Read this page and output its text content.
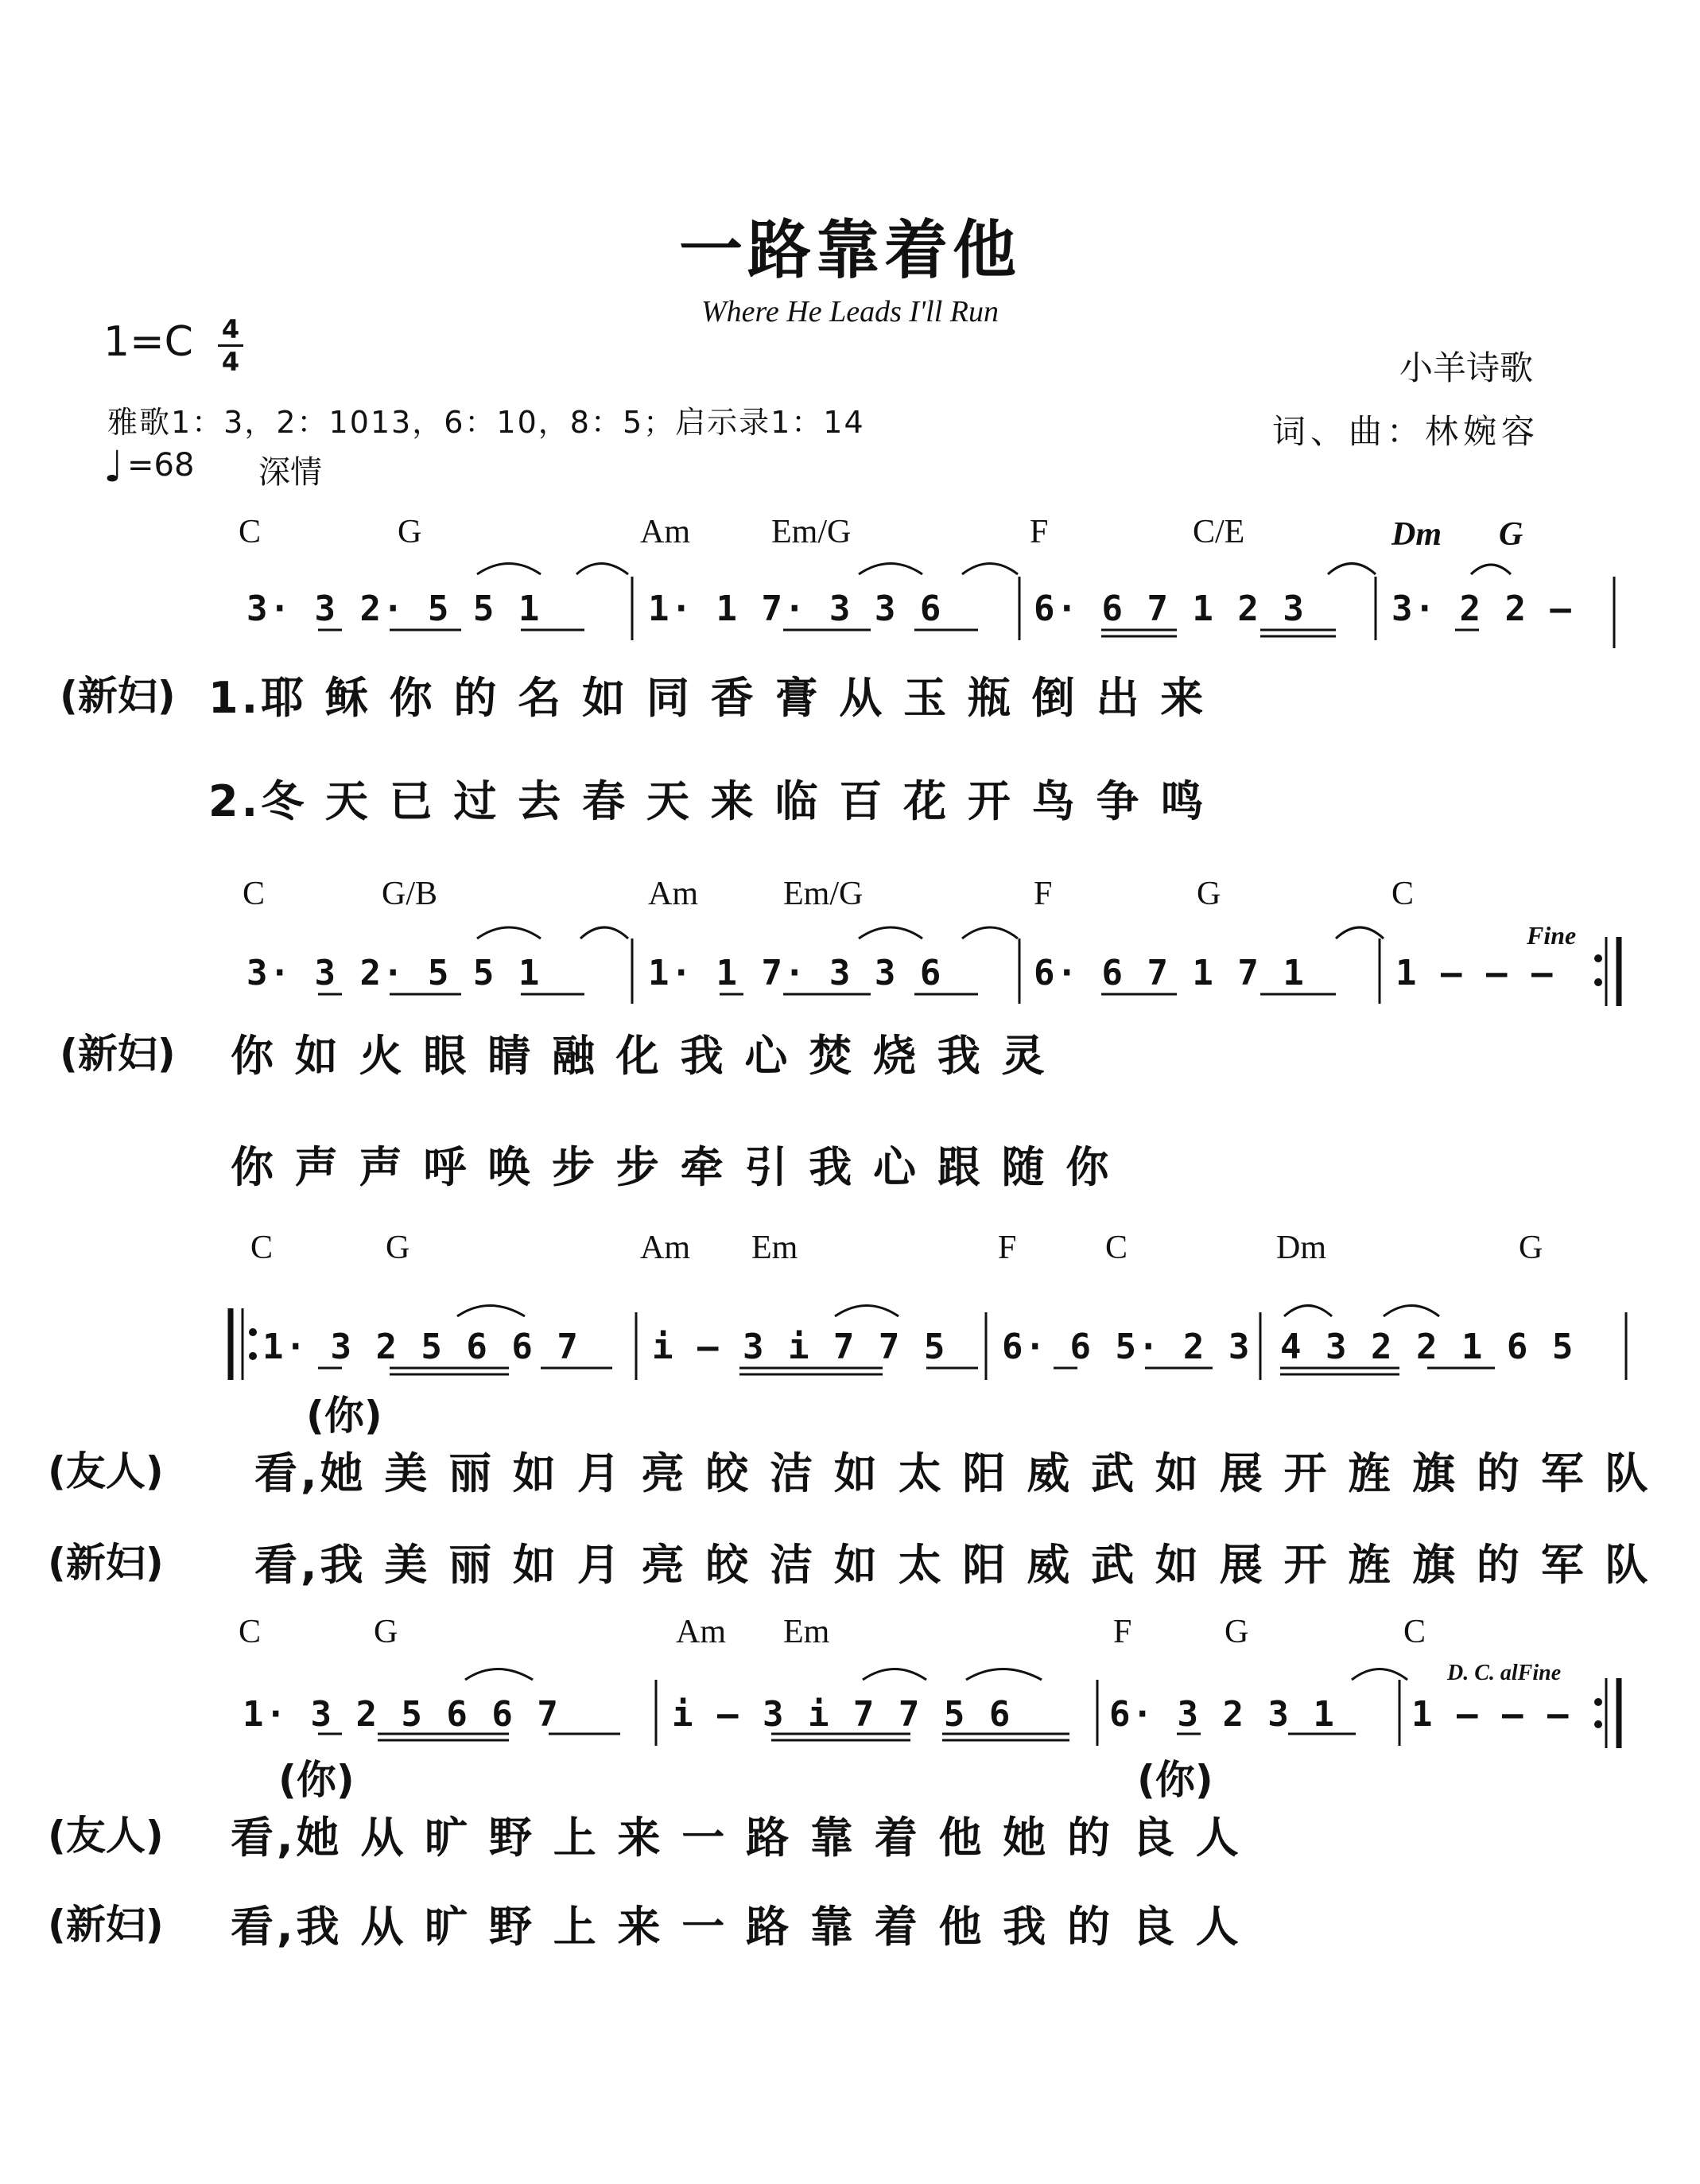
一路靠着他
Where He Leads I'll Run
1=C 4
4	小羊诗歌
雅歌1：3，2：1013，6：10，8：5；启示录1：14	词、曲：林婉容
♩ =68 深情
C	G	Am Em/G	F	C/E	Dm G
3· 3 2· 5 5 1	1· 1 7· 3 3 6	6· 6 7 1 2 3 3· 2 2 –
(新妇) 1.耶 稣 你 的 名 如 同 香 膏 从 玉 瓶 倒 出 来
2.冬 天 已 过 去 春 天 来 临 百 花 开 鸟 争 鸣
C	G/B	Am	Em/G	F	G	C
Fine
3· 3 2· 5 5 1	1· 1 7· 3 3 6	6· 6 7 1 7 1	1 – – –
(新妇) 你 如 火 眼 睛 融 化 我 心 焚 烧 我 灵
你 声 声 呼 唤 步 步 牵 引 我 心 跟 随 你
C	G	Am Em	F	C	Dm	G
1· 3 2 5 6 6 7 i – 3 i 7 7 5 6· 6 5· 2 3 4 3 2 2 1 6 5
(你)
(友人) 看,她 美 丽 如 月 亮 皎 洁 如 太 阳 威 武 如 展 开 旌 旗 的 军 队
(新妇) 看,我 美 丽 如 月 亮 皎 洁 如 太 阳 威 武 如 展 开 旌 旗 的 军 队
C	G	Am Em	F	G	C
D. C. alFine
1· 3 2 5 6 6 7	i – 3 i 7 7 5 6	6· 3 2 3 1 1 – – –
(你)	(你)
(友人) 看,她 从 旷 野 上 来 一 路 靠 着 他 她 的 良 人
(新妇) 看,我 从 旷 野 上 来 一 路 靠 着 他 我 的 良 人
